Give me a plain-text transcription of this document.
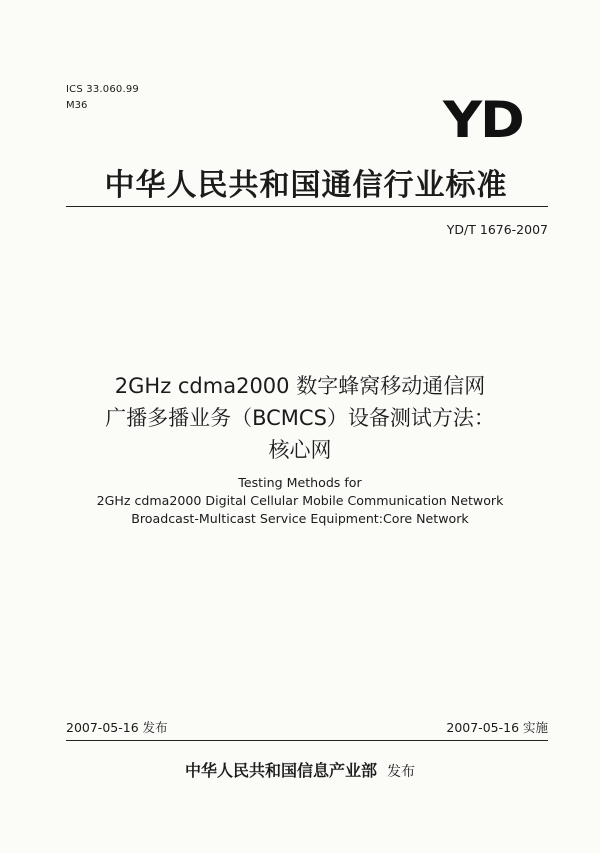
ICS 33.060.99
M36	YD
中华人民共和国通信行业标准
YD/T 1676-2007
2GHz cdma2000 数字蜂窝移动通信网
广播多播业务（BCMCS）设备测试方法：
核心网
Testing Methods for
2GHz cdma2000 Digital Cellular Mobile Communication Network
Broadcast-Multicast Service Equipment:Core Network
2007-05-16 发布	2007-05-16 实施
中华人民共和国信息产业部 发布
